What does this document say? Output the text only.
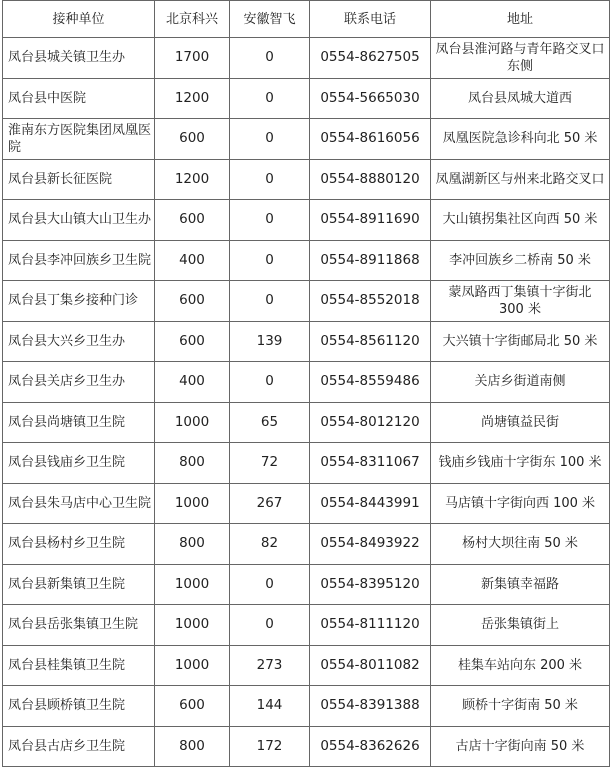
接种单位	北京科兴	安徽智飞	联系电话	地址
凤台县城关镇卫生办	1700	0	0554-8627505	凤台县淮河路与青年路交叉口东侧
凤台县中医院	1200	0	0554-5665030	凤台县凤城大道西
淮南东方医院集团凤凰医院	600	0	0554-8616056	凤凰医院急诊科向北 50 米
凤台县新长征医院	1200	0	0554-8880120	凤凰湖新区与州来北路交叉口
凤台县大山镇大山卫生办	600	0	0554-8911690	大山镇拐集社区向西 50 米
凤台县李冲回族乡卫生院	400	0	0554-8911868	李冲回族乡二桥南 50 米
凤台县丁集乡接种门诊	600	0	0554-8552018	蒙凤路西丁集镇十字街北 300 米
凤台县大兴乡卫生办	600	139	0554-8561120	大兴镇十字街邮局北 50 米
凤台县关店乡卫生办	400	0	0554-8559486	关店乡街道南侧
凤台县尚塘镇卫生院	1000	65	0554-8012120	尚塘镇益民街
凤台县钱庙乡卫生院	800	72	0554-8311067	钱庙乡钱庙十字街东 100 米
凤台县朱马店中心卫生院	1000	267	0554-8443991	马店镇十字街向西 100 米
凤台县杨村乡卫生院	800	82	0554-8493922	杨村大坝往南 50 米
凤台县新集镇卫生院	1000	0	0554-8395120	新集镇幸福路
凤台县岳张集镇卫生院	1000	0	0554-8111120	岳张集镇街上
凤台县桂集镇卫生院	1000	273	0554-8011082	桂集车站向东 200 米
凤台县顾桥镇卫生院	600	144	0554-8391388	顾桥十字街南 50 米
凤台县古店乡卫生院	800	172	0554-8362626	古店十字街向南 50 米
